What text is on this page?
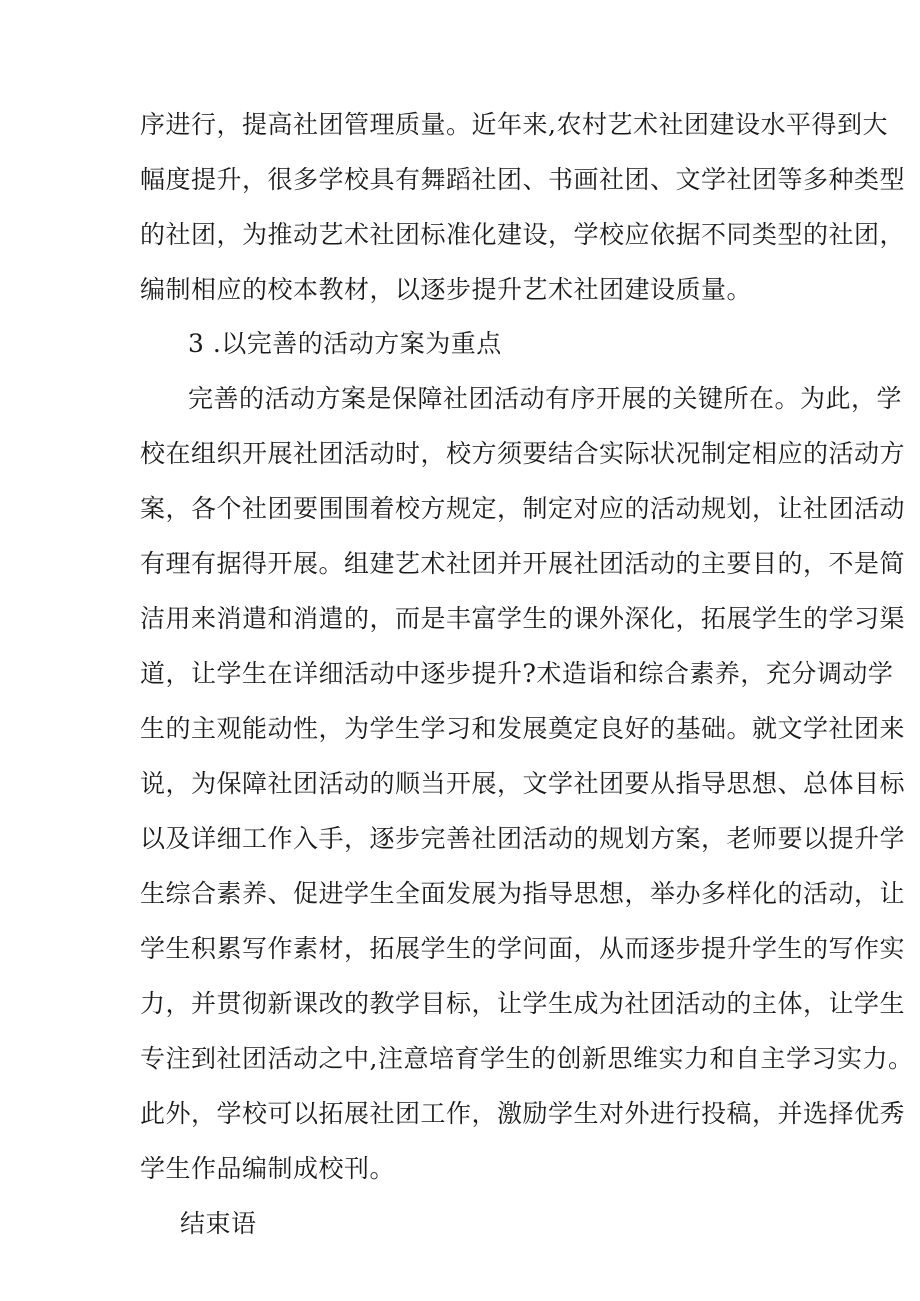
序进行，提高社团管理质量。近年来,农村艺术社团建设水平得到大
幅度提升，很多学校具有舞蹈社团、书画社团、文学社团等多种类型
的社团，为推动艺术社团标准化建设，学校应依据不同类型的社团，
编制相应的校本教材，以逐步提升艺术社团建设质量。
3 .以完善的活动方案为重点
完善的活动方案是保障社团活动有序开展的关键所在。为此，学
校在组织开展社团活动时，校方须要结合实际状况制定相应的活动方
案，各个社团要围围着校方规定，制定对应的活动规划，让社团活动
有理有据得开展。组建艺术社团并开展社团活动的主要目的，不是简
洁用来消遣和消遣的，而是丰富学生的课外深化，拓展学生的学习渠
道，让学生在详细活动中逐步提升?术造诣和综合素养，充分调动学
生的主观能动性，为学生学习和发展奠定良好的基础。就文学社团来
说，为保障社团活动的顺当开展，文学社团要从指导思想、总体目标
以及详细工作入手，逐步完善社团活动的规划方案，老师要以提升学
生综合素养、促进学生全面发展为指导思想，举办多样化的活动，让
学生积累写作素材，拓展学生的学问面，从而逐步提升学生的写作实
力，并贯彻新课改的教学目标，让学生成为社团活动的主体，让学生
专注到社团活动之中,注意培育学生的创新思维实力和自主学习实力。
此外，学校可以拓展社团工作，激励学生对外进行投稿，并选择优秀
学生作品编制成校刊。
结束语
